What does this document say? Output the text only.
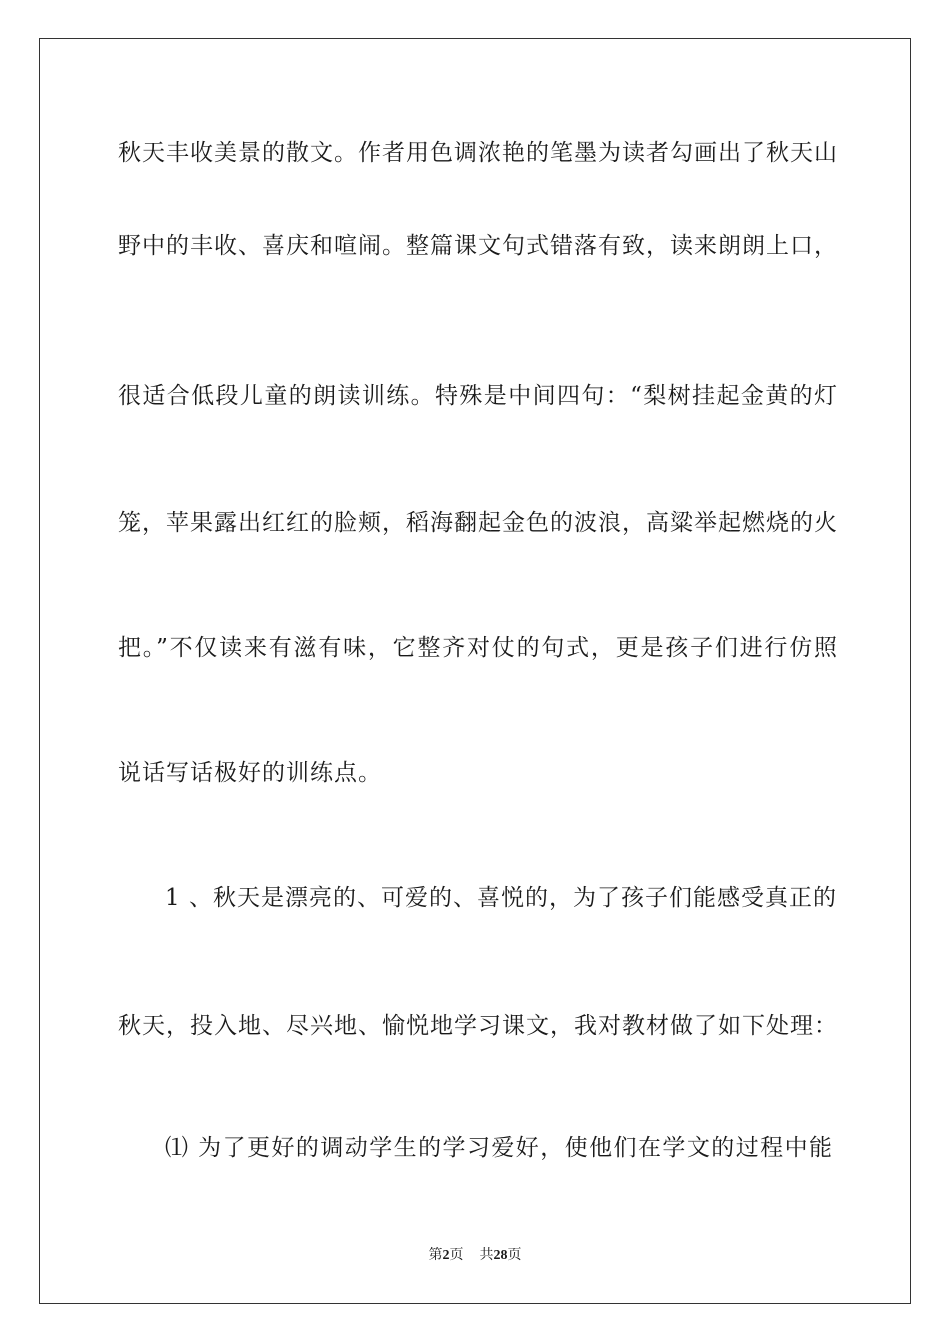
秋天丰收美景的散文。作者用色调浓艳的笔墨为读者勾画出了秋天山
野中的丰收、喜庆和喧闹。整篇课文句式错落有致，读来朗朗上口，
很适合低段儿童的朗读训练。特殊是中间四句：“梨树挂起金黄的灯
笼，苹果露出红红的脸颊，稻海翻起金色的波浪，高粱举起燃烧的火
把。”不仅读来有滋有味，它整齐对仗的句式，更是孩子们进行仿照
说话写话极好的训练点。
1 、秋天是漂亮的、可爱的、喜悦的，为了孩子们能感受真正的
秋天，投入地、尽兴地、愉悦地学习课文，我对教材做了如下处理：
⑴ 为了更好的调动学生的学习爱好，使他们在学文的过程中能
第2页 共28页
